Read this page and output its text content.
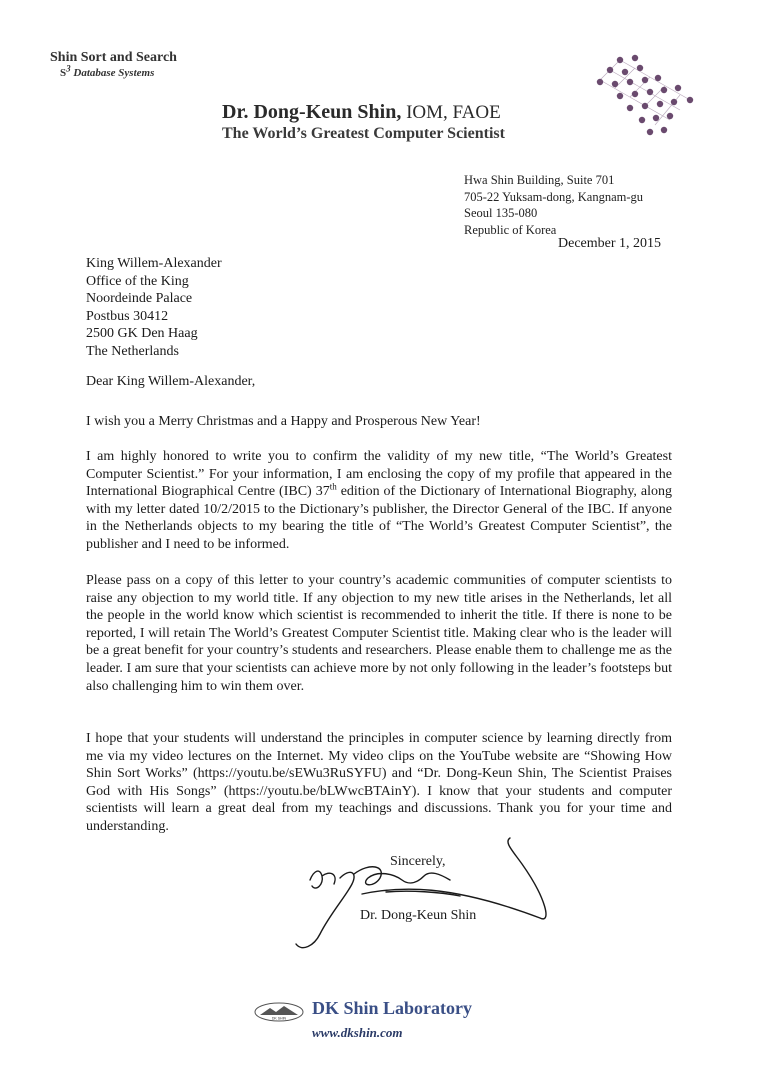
Shin Sort and Search
$S^3$ Database Systems
Dr. Dong-Keun Shin, IOM, FAOE
The World’s Greatest Computer Scientist
Hwa Shin Building, Suite 701
705-22 Yuksam-dong, Kangnam-gu
Seoul 135-080
Republic of Korea
December 1, 2015
King Willem-Alexander
Office of the King
Noordeinde Palace
Postbus 30412
2500 GK Den Haag
The Netherlands
Dear King Willem-Alexander,
I wish you a Merry Christmas and a Happy and Prosperous New Year!
I am highly honored to write you to confirm the validity of my new title, “The World’s Greatest Computer Scientist.” For your information, I am enclosing the copy of my profile that appeared in the International Biographical Centre (IBC) 37th edition of the Dictionary of International Biography, along with my letter dated 10/2/2015 to the Dictionary’s publisher, the Director General of the IBC. If anyone in the Netherlands objects to my bearing the title of “The World’s Greatest Computer Scientist”, the publisher and I need to be informed.
Please pass on a copy of this letter to your country’s academic communities of computer scientists to raise any objection to my world title. If any objection to my new title arises in the Netherlands, let all the people in the world know which scientist is recommended to inherit the title. If there is none to be reported, I will retain The World’s Greatest Computer Scientist title. Making clear who is the leader will be a great benefit for your country’s students and researchers. Please enable them to challenge me as the leader. I am sure that your scientists can achieve more by not only following in the leader’s footsteps but also challenging him to win them over.
I hope that your students will understand the principles in computer science by learning directly from me via my video lectures on the Internet. My video clips on the YouTube website are “Showing How Shin Sort Works” (https://youtu.be/sEWu3RuSYFU) and “Dr. Dong-Keun Shin, The Scientist Praises God with His Songs” (https://youtu.be/bLWwcBTAinY). I know that your students and computer scientists will learn a great deal from my teachings and discussions. Thank you for your time and understanding.
Sincerely,
Dr. Dong-Keun Shin
DK SHIN
DK Shin Laboratory
www.dkshin.com
